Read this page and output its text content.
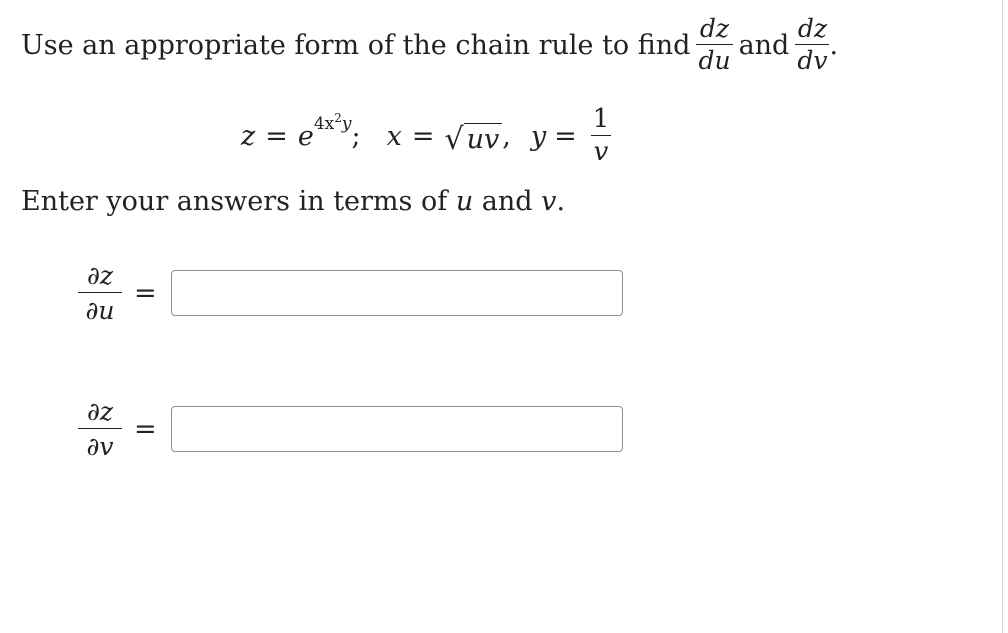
Use an appropriate form of the chain rule to find $\frac{dz}{du}$ and $\frac{dz}{dv}$ .
z = e $4x^2y$ ; x = √ uv , $y = \frac{1}{v}$
Enter your answers in terms of u and v.
∂z
∂u
=
∂z
∂v
=
